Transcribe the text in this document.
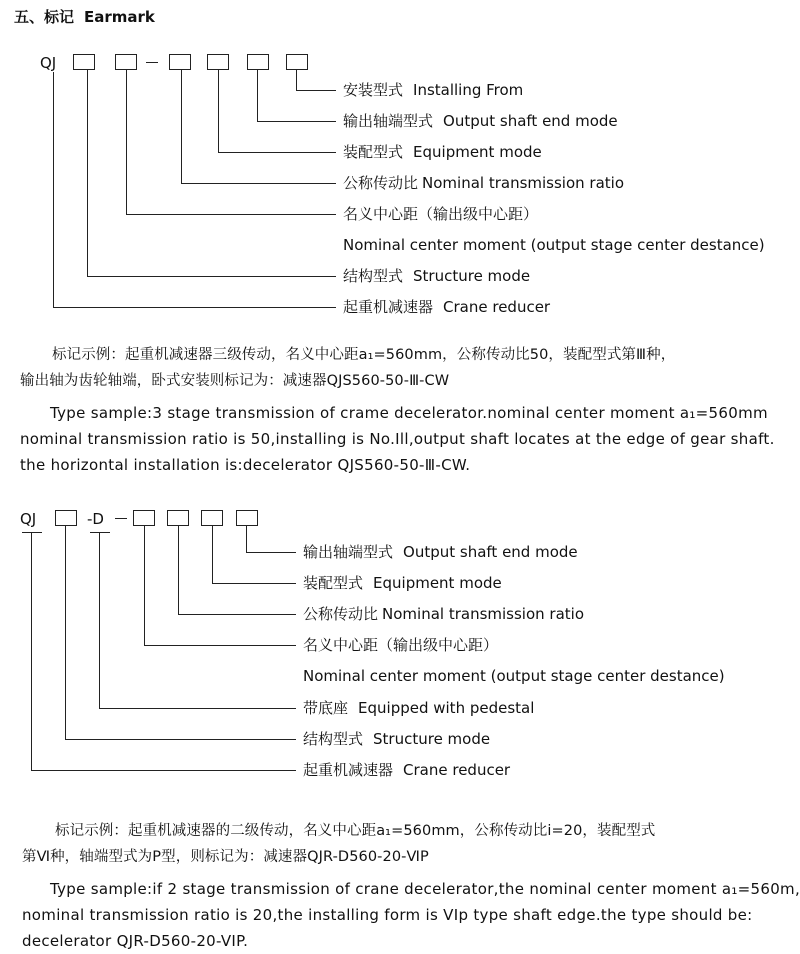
五、标记 Earmark
QJ
安装型式 Installing From
输出轴端型式 Output shaft end mode
装配型式 Equipment mode
公称传动比 Nominal transmission ratio
名义中心距（输出级中心距）
Nominal center moment (output stage center destance)
结构型式 Structure mode
起重机减速器 Crane reducer
标记示例：起重机减速器三级传动，名义中心距a₁=560mm，公称传动比50，装配型式第Ⅲ种，
输出轴为齿轮轴端，卧式安装则标记为：减速器QJS560-50-Ⅲ-CW
Type sample:3 stage transmission of crame decelerator.nominal center moment a₁=560mm
nominal transmission ratio is 50,installing is No.Ill,output shaft locates at the edge of gear shaft.
the horizontal installation is:decelerator QJS560-50-Ⅲ-CW.
QJ	-D
输出轴端型式 Output shaft end mode
装配型式 Equipment mode
公称传动比 Nominal transmission ratio
名义中心距（输出级中心距）
Nominal center moment (output stage center destance)
带底座 Equipped with pedestal
结构型式 Structure mode
起重机减速器 Crane reducer
标记示例：起重机减速器的二级传动，名义中心距a₁=560mm，公称传动比i=20，装配型式
第Ⅵ种，轴端型式为P型，则标记为：减速器QJR-D560-20-ⅥP
Type sample:if 2 stage transmission of crane decelerator,the nominal center moment a₁=560m,
nominal transmission ratio is 20,the installing form is VIp type shaft edge.the type should be:
decelerator QJR-D560-20-VIP.
